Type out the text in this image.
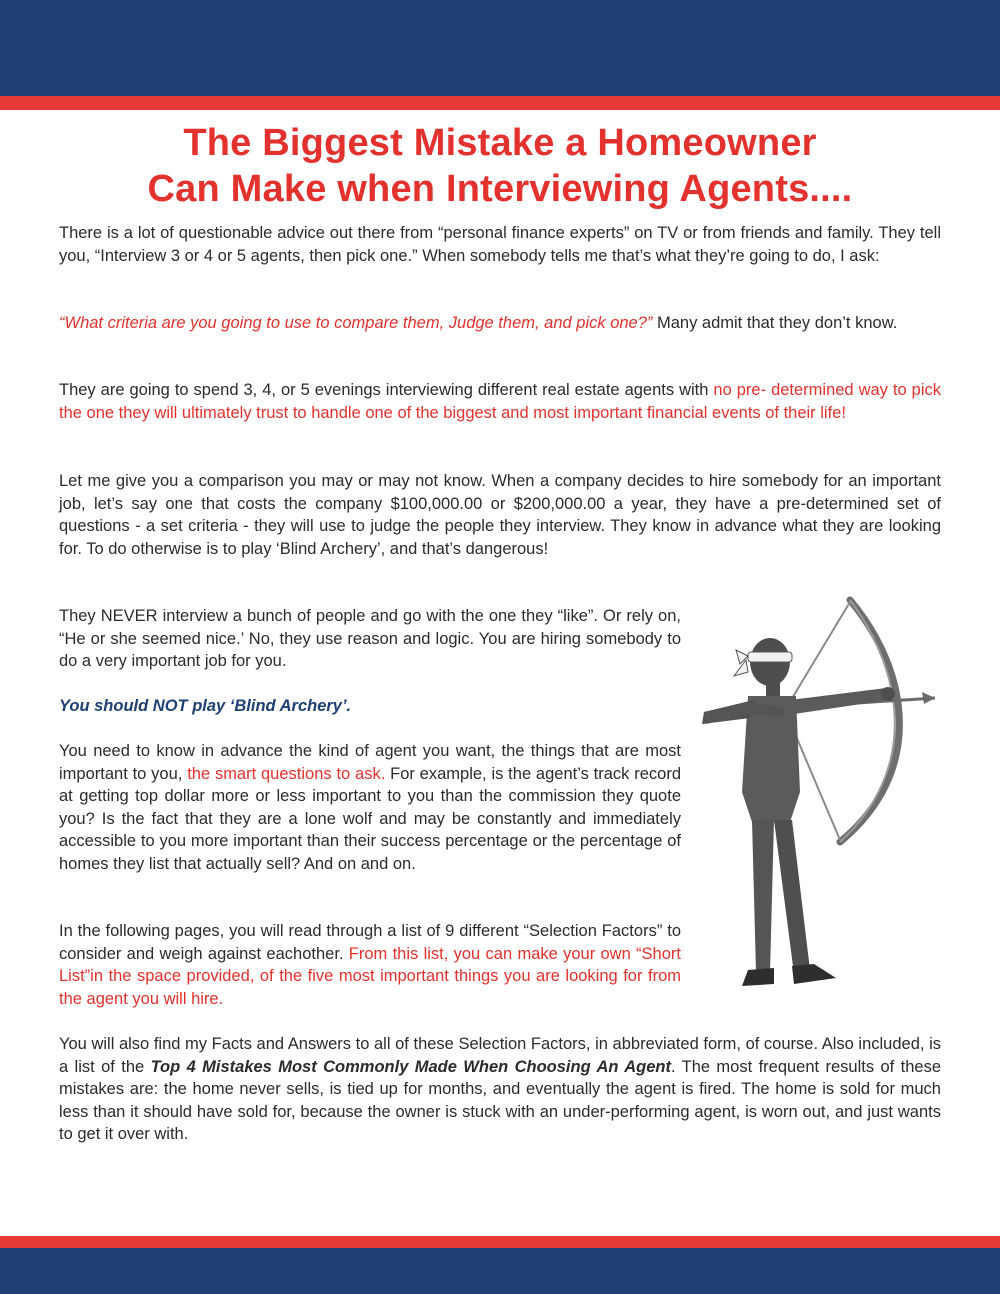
The Biggest Mistake a Homeowner
Can Make when Interviewing Agents....

There is a lot of questionable advice out there from “personal finance experts” on TV or from friends and family. They tell you, “Interview 3 or 4 or 5 agents, then pick one.” When somebody tells me that’s what they’re going to do, I ask:

“What criteria are you going to use to compare them, Judge them, and pick one?” Many admit that they don’t know.

They are going to spend 3, 4, or 5 evenings interviewing different real estate agents with no pre- determined way to pick the one they will ultimately trust to handle one of the biggest and most important financial events of their life!

Let me give you a comparison you may or may not know. When a company decides to hire somebody for an important job, let’s say one that costs the company $100,000.00 or $200,000.00 a year, they have a pre-determined set of questions - a set criteria - they will use to judge the people they interview. They know in advance what they are looking for. To do otherwise is to play ‘Blind Archery’, and that’s dangerous!

They NEVER interview a bunch of people and go with the one they “like”. Or rely on, “He or she seemed nice.’ No, they use reason and logic. You are hiring somebody to do a very important job for you.

You should NOT play ‘Blind Archery’.

You need to know in advance the kind of agent you want, the things that are most important to you, the smart questions to ask. For example, is the agent’s track record at getting top dollar more or less important to you than the commission they quote you? Is the fact that they are a lone wolf and may be constantly and immediately accessible to you more important than their success percentage or the percentage of homes they list that actually sell? And on and on.

In the following pages, you will read through a list of 9 different “Selection Factors” to consider and weigh against eachother. From this list, you can make your own “Short List”in the space provided, of the five most important things you are looking for from the agent you will hire.

You will also find my Facts and Answers to all of these Selection Factors, in abbreviated form, of course. Also included, is a list of the Top 4 Mistakes Most Commonly Made When Choosing An Agent. The most frequent results of these mistakes are: the home never sells, is tied up for months, and eventually the agent is fired. The home is sold for much less than it should have sold for, because the owner is stuck with an under-performing agent, is worn out, and just wants to get it over with.
